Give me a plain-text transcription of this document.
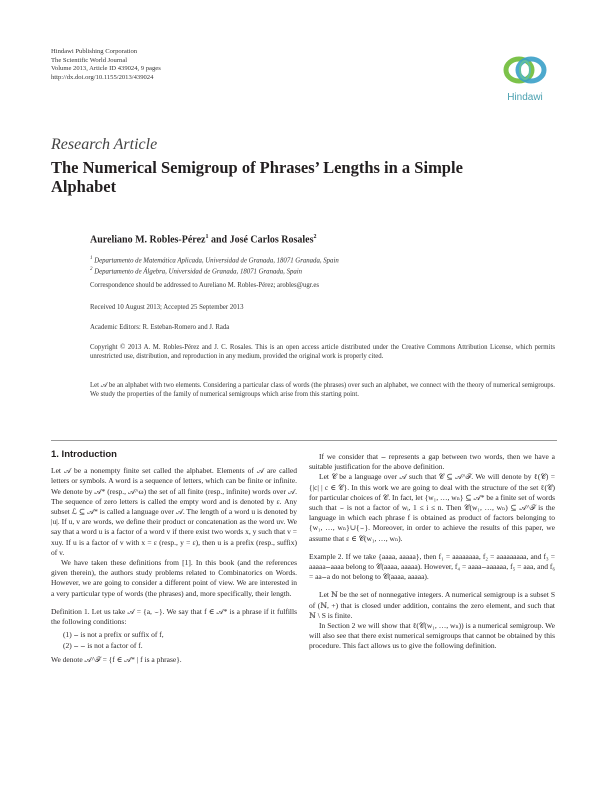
Hindawi Publishing Corporation
The Scientific World Journal
Volume 2013, Article ID 439024, 9 pages
http://dx.doi.org/10.1155/2013/439024
Hindawi
Research Article
The Numerical Semigroup of Phrases’ Lengths in a Simple Alphabet
Aureliano M. Robles-Pérez$^1$ and José Carlos Rosales$^2$
$^1$ Departamento de Matemática Aplicada, Universidad de Granada, 18071 Granada, Spain
$^2$ Departamento de Álgebra, Universidad de Granada, 18071 Granada, Spain
Correspondence should be addressed to Aureliano M. Robles-Pérez; arobles@ugr.es
Received 10 August 2013; Accepted 25 September 2013
Academic Editors: R. Esteban-Romero and J. Rada
Copyright © 2013 A. M. Robles-Pérez and J. C. Rosales. This is an open access article distributed under the Creative Commons Attribution License, which permits unrestricted use, distribution, and reproduction in any medium, provided the original work is properly cited.
Let 𝒜 be an alphabet with two elements. Considering a particular class of words (the phrases) over such an alphabet, we connect with the theory of numerical semigroups. We study the properties of the family of numerical semigroups which arise from this starting point.

1. Introduction

Let 𝒜 be a nonempty finite set called the alphabet. Elements of 𝒜 are called letters or symbols. A word is a sequence of letters, which can be finite or infinite. We denote by 𝒜* (resp., 𝒜^ω) the set of all finite (resp., infinite) words over 𝒜. The sequence of zero letters is called the empty word and is denoted by ε. Any subset ℒ ⊆ 𝒜* is called a language over 𝒜. The length of a word u is denoted by |u|. If u, v are words, we define their product or concatenation as the word uv. We say that a word u is a factor of a word v if there exist two words x, y such that v = xuy. If u is a factor of v with x = ε (resp., y = ε), then u is a prefix (resp., suffix) of v.

We have taken these definitions from [1]. In this book (and the references given therein), the authors study problems related to Combinatorics on Words. However, we are going to consider a different point of view. We are interested in a very particular type of words (the phrases) and, more specifically, their length.

Definition 1. Let us take 𝒜 = {a, ⌣}. We say that f ∈ 𝒜* is a phrase if it fulfills the following conditions:

(1) ⌣ is not a prefix or suffix of f,
(2) ⌣ ⌣ is not a factor of f.

We denote 𝒜^ℱ = {f ∈ 𝒜* | f is a phrase}.

If we consider that ⌣ represents a gap between two words, then we have a suitable justification for the above definition.

Let 𝒞 be a language over 𝒜 such that 𝒞 ⊆ 𝒜^ℱ. We will denote by ℓ(𝒞) = {|c| | c ∈ 𝒞}. In this work we are going to deal with the structure of the set ℓ(𝒞) for particular choices of 𝒞. In fact, let {w₁, …, wₙ} ⊆ 𝒜* be a finite set of words such that ⌣ is not a factor of wᵢ, 1 ≤ i ≤ n. Then 𝒞(w₁, …, wₙ) ⊆ 𝒜^ℱ is the language in which each phrase f is obtained as product of factors belonging to {w₁, …, wₙ}∪{⌣}. Moreover, in order to achieve the results of this paper, we assume that ε ∈ 𝒞(w₁, …, wₙ).

Example 2. If we take {aaaa, aaaaa}, then f₁ = aaaaaaaa, f₂ = aaaaaaaaa, and f₃ = aaaaa⌣aaaa belong to 𝒞(aaaa, aaaaa). However, f₄ = aaaa⌣aaaaaa, f₅ = aaa, and f₆ = aa⌣a do not belong to 𝒞(aaaa, aaaaa).

Let ℕ be the set of nonnegative integers. A numerical semigroup is a subset S of (ℕ, +) that is closed under addition, contains the zero element, and such that ℕ \ S is finite.

In Section 2 we will show that ℓ(𝒞(w₁, …, wₙ)) is a numerical semigroup. We will also see that there exist numerical semigroups that cannot be obtained by this procedure. This fact allows us to give the following definition.
